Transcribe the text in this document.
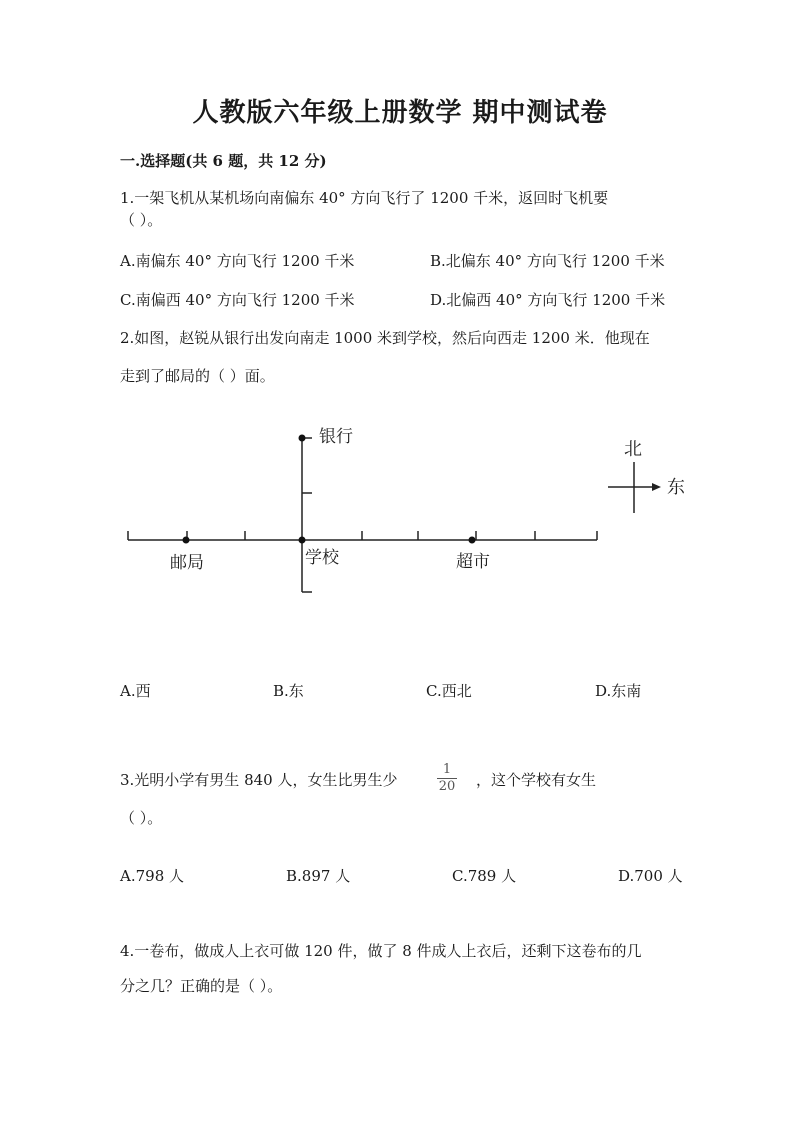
人教版六年级上册数学 期中测试卷
一.选择题(共 6 题，共 12 分)
1.一架飞机从某机场向南偏东 40° 方向飞行了 1200 千米，返回时飞机要
（ ）。
A.南偏东 40° 方向飞行 1200 千米	B.北偏东 40° 方向飞行 1200 千米
C.南偏西 40° 方向飞行 1200 千米	D.北偏西 40° 方向飞行 1200 千米
2.如图，赵锐从银行出发向南走 1000 米到学校，然后向西走 1200 米．他现在
走到了邮局的（ ）面。
银行
邮局	学校	超市
北
东
A.西	B.东	C.西北	D.东南
3.光明小学有男生 840 人，女生比男生少
1
20 ，这个学校有女生
（ ）。
A.798 人	B.897 人	C.789 人	D.700 人
4.一卷布，做成人上衣可做 120 件，做了 8 件成人上衣后，还剩下这卷布的几
分之几？正确的是（ ）。
